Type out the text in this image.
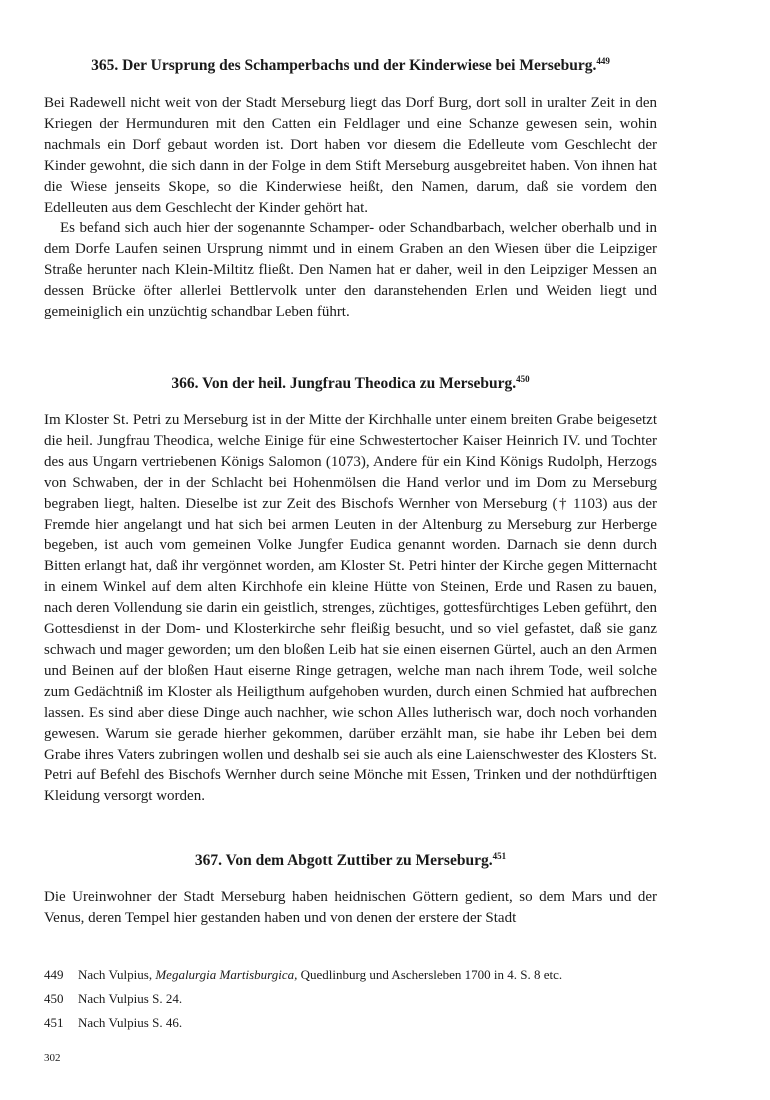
365. Der Ursprung des Schamperbachs und der Kinderwiese bei Merseburg.$^{449}$

Bei Radewell nicht weit von der Stadt Merseburg liegt das Dorf Burg, dort soll in uralter Zeit in den Kriegen der Hermunduren mit den Catten ein Feldlager und eine Schanze gewesen sein, wohin nachmals ein Dorf gebaut worden ist. Dort haben vor diesem die Edelleute vom Geschlecht der Kinder gewohnt, die sich dann in der Folge in dem Stift Merseburg ausgebreitet haben. Von ihnen hat die Wiese jenseits Skope, so die Kinderwiese heißt, den Namen, darum, daß sie vordem den Edelleuten aus dem Geschlecht der Kinder gehört hat.

Es befand sich auch hier der sogenannte Schamper- oder Schandbarbach, welcher oberhalb und in dem Dorfe Laufen seinen Ursprung nimmt und in einem Graben an den Wiesen über die Leipziger Straße herunter nach Klein-Miltitz fließt. Den Namen hat er daher, weil in den Leipziger Messen an dessen Brücke öfter allerlei Bettlervolk unter den daranstehenden Erlen und Weiden liegt und gemeiniglich ein unzüchtig schandbar Leben führt.

366. Von der heil. Jungfrau Theodica zu Merseburg.$^{450}$

Im Kloster St. Petri zu Merseburg ist in der Mitte der Kirchhalle unter einem breiten Grabe beigesetzt die heil. Jungfrau Theodica, welche Einige für eine Schwestertocher Kaiser Heinrich IV. und Tochter des aus Ungarn vertriebenen Königs Salomon (1073), Andere für ein Kind Königs Rudolph, Herzogs von Schwaben, der in der Schlacht bei Hohenmölsen die Hand verlor und im Dom zu Merseburg begraben liegt, halten. Dieselbe ist zur Zeit des Bischofs Wernher von Merseburg († 1103) aus der Fremde hier angelangt und hat sich bei armen Leuten in der Altenburg zu Merseburg zur Herberge begeben, ist auch vom gemeinen Volke Jungfer Eudica genannt worden. Darnach sie denn durch Bitten erlangt hat, daß ihr vergönnet worden, am Kloster St. Petri hinter der Kirche gegen Mitternacht in einem Winkel auf dem alten Kirchhofe ein kleine Hütte von Steinen, Erde und Rasen zu bauen, nach deren Vollendung sie darin ein geistlich, strenges, züchtiges, gottesfürchtiges Leben geführt, den Gottesdienst in der Dom- und Klosterkirche sehr fleißig besucht, und so viel gefastet, daß sie ganz schwach und mager geworden; um den bloßen Leib hat sie einen eisernen Gürtel, auch an den Armen und Beinen auf der bloßen Haut eiserne Ringe getragen, welche man nach ihrem Tode, weil solche zum Gedächtniß im Kloster als Heiligthum aufgehoben wurden, durch einen Schmied hat aufbrechen lassen. Es sind aber diese Dinge auch nachher, wie schon Alles lutherisch war, doch noch vorhanden gewesen. Warum sie gerade hierher gekommen, darüber erzählt man, sie habe ihr Leben bei dem Grabe ihres Vaters zubringen wollen und deshalb sei sie auch als eine Laienschwester des Klosters St. Petri auf Befehl des Bischofs Wernher durch seine Mönche mit Essen, Trinken und der nothdürftigen Kleidung versorgt worden.

367. Von dem Abgott Zuttiber zu Merseburg.$^{451}$

Die Ureinwohner der Stadt Merseburg haben heidnischen Göttern gedient, so dem Mars und der Venus, deren Tempel hier gestanden haben und von denen der erstere der Stadt

449 Nach Vulpius, Megalurgia Martisburgica, Quedlinburg und Aschersleben 1700 in 4. S. 8 etc.
450 Nach Vulpius S. 24.
451 Nach Vulpius S. 46.
302
